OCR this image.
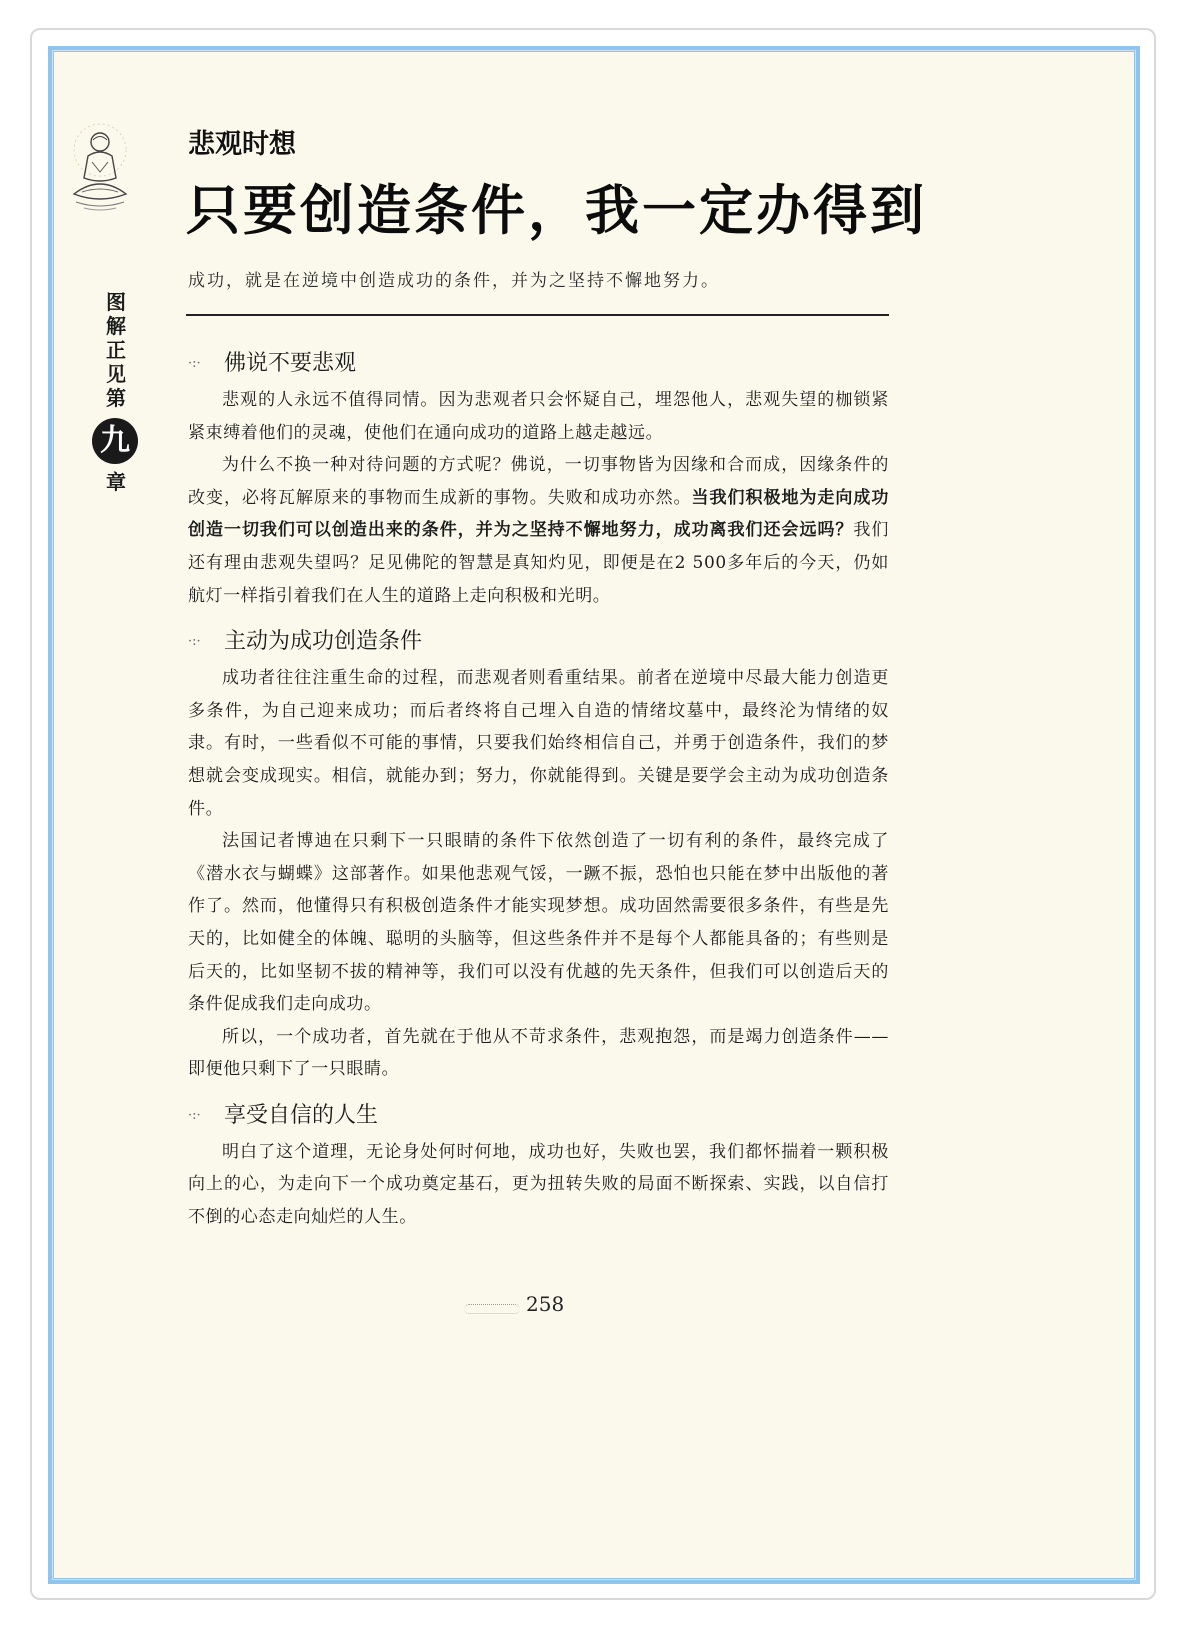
图解正见
第
九
章
悲观时想
只要创造条件，我一定办得到
成功，就是在逆境中创造成功的条件，并为之坚持不懈地努力。
·:· 佛说不要悲观

悲观的人永远不值得同情。因为悲观者只会怀疑自己，埋怨他人，悲观失望的枷锁紧紧束缚着他们的灵魂，使他们在通向成功的道路上越走越远。

为什么不换一种对待问题的方式呢？佛说，一切事物皆为因缘和合而成，因缘条件的改变，必将瓦解原来的事物而生成新的事物。失败和成功亦然。当我们积极地为走向成功创造一切我们可以创造出来的条件，并为之坚持不懈地努力，成功离我们还会远吗？我们还有理由悲观失望吗？足见佛陀的智慧是真知灼见，即便是在2 500多年后的今天，仍如航灯一样指引着我们在人生的道路上走向积极和光明。

·:· 主动为成功创造条件

成功者往往注重生命的过程，而悲观者则看重结果。前者在逆境中尽最大能力创造更多条件，为自己迎来成功；而后者终将自己埋入自造的情绪坟墓中，最终沦为情绪的奴隶。有时，一些看似不可能的事情，只要我们始终相信自己，并勇于创造条件，我们的梦想就会变成现实。相信，就能办到；努力，你就能得到。关键是要学会主动为成功创造条件。

法国记者博迪在只剩下一只眼睛的条件下依然创造了一切有利的条件，最终完成了《潜水衣与蝴蝶》这部著作。如果他悲观气馁，一蹶不振，恐怕也只能在梦中出版他的著作了。然而，他懂得只有积极创造条件才能实现梦想。成功固然需要很多条件，有些是先天的，比如健全的体魄、聪明的头脑等，但这些条件并不是每个人都能具备的；有些则是后天的，比如坚韧不拔的精神等，我们可以没有优越的先天条件，但我们可以创造后天的条件促成我们走向成功。

所以，一个成功者，首先就在于他从不苛求条件，悲观抱怨，而是竭力创造条件——即便他只剩下了一只眼睛。

·:· 享受自信的人生

明白了这个道理，无论身处何时何地，成功也好，失败也罢，我们都怀揣着一颗积极向上的心，为走向下一个成功奠定基石，更为扭转失败的局面不断探索、实践，以自信打不倒的心态走向灿烂的人生。

258
